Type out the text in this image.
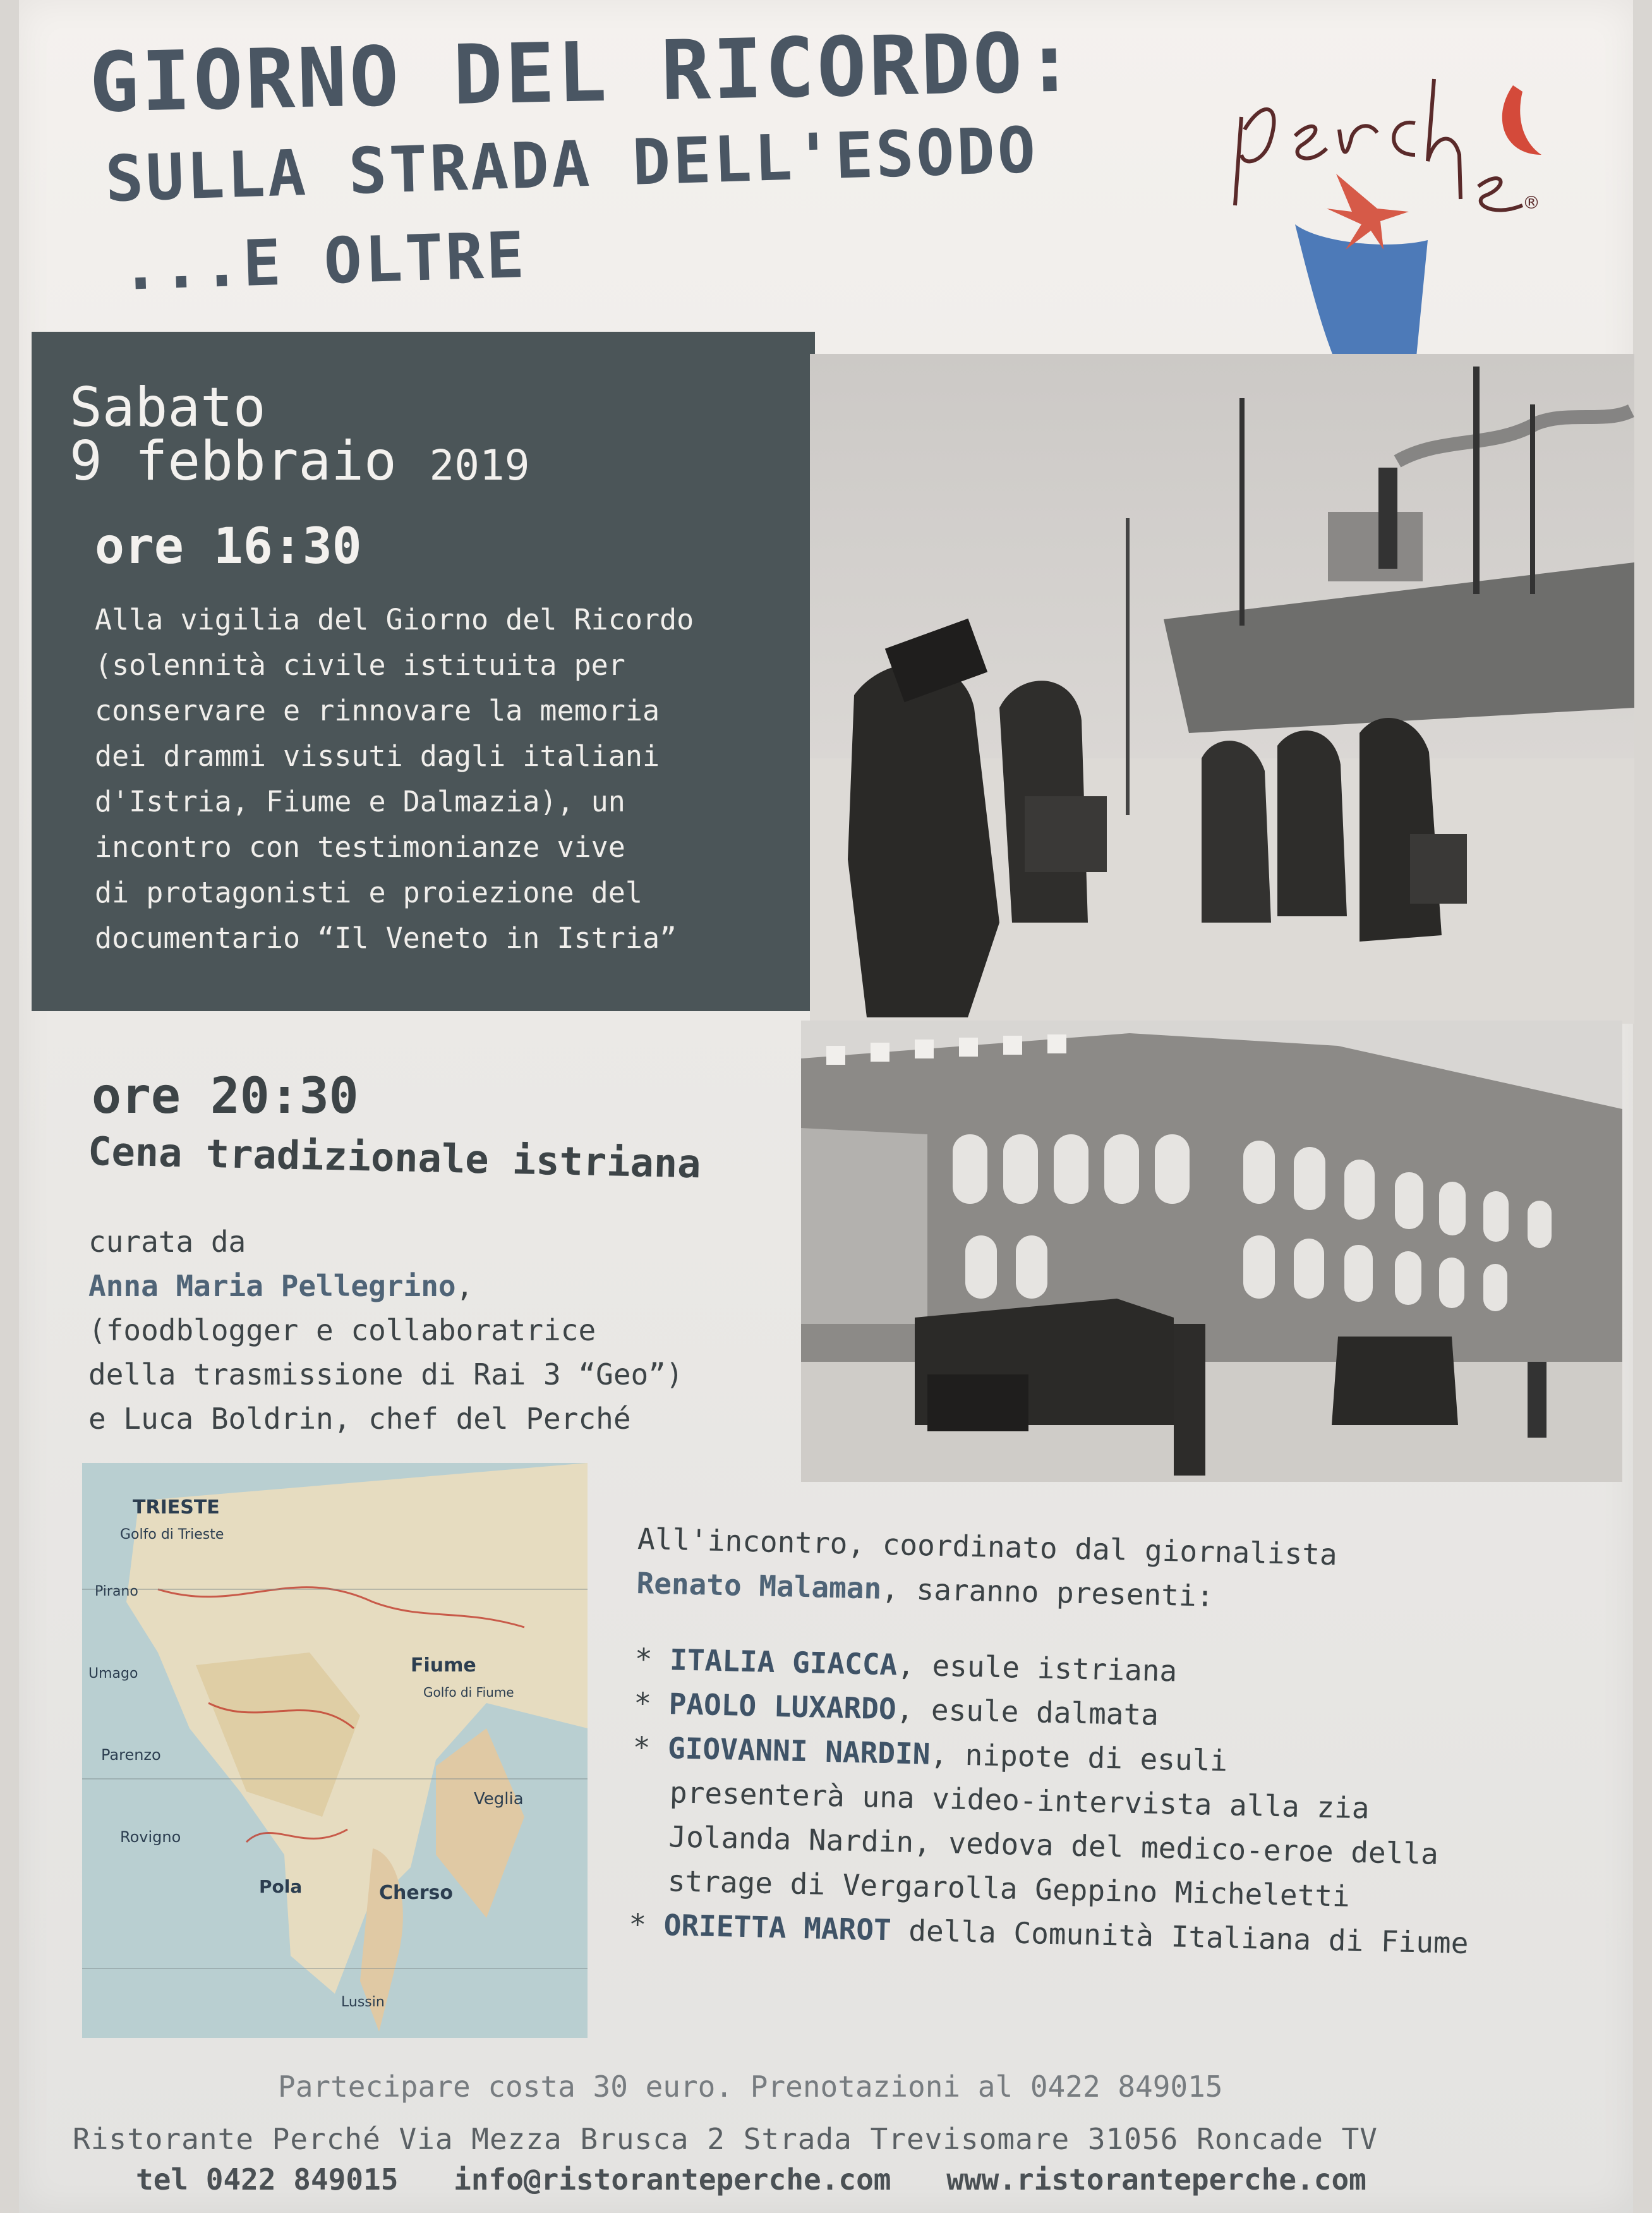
GIORNO DEL RICORDO:
SULLA STRADA DELL'ESODO
...E OLTRE
®

Sabato

9 febbraio 2019

ore 16:30

Alla vigilia del Giorno del Ricordo
(solennità civile istituita per
conservare e rinnovare la memoria
dei drammi vissuti dagli italiani
d'Istria, Fiume e Dalmazia), un
incontro con testimonianze vive
di protagonisti e proiezione del
documentario “Il Veneto in Istria”

TRIESTE
Golfo di Trieste
Pirano
Umago
Parenzo
Rovigno
Pola
Fiume
Golfo di Fiume
Veglia
Cherso
Lussin

ore 20:30

Cena tradizionale istriana

curata da
Anna Maria Pellegrino,
(foodblogger e collaboratrice
della trasmissione di Rai 3 “Geo”)
e Luca Boldrin, chef del Perché

All'incontro, coordinato dal giornalista
Renato Malaman, saranno presenti:
* ITALIA GIACCA, esule istriana
* PAOLO LUXARDO, esule dalmata
* GIOVANNI NARDIN, nipote di esuli
presenterà una video-intervista alla zia
Jolanda Nardin, vedova del medico-eroe della
strage di Vergarolla Geppino Micheletti
* ORIETTA MAROT della Comunità Italiana di Fiume

Partecipare costa 30 euro. Prenotazioni al 0422 849015

Ristorante Perché Via Mezza Brusca 2 Strada Trevisomare 31056 Roncade TV

tel 0422 849015 info@ristoranteperche.com www.ristoranteperche.com
